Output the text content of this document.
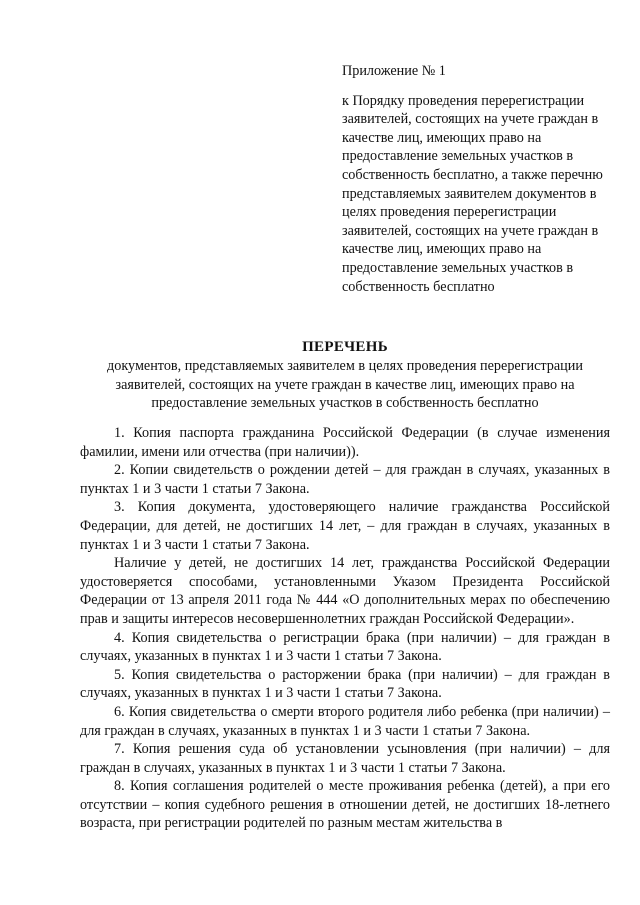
Приложение № 1

к Порядку проведения перерегистрации заявителей, состоящих на учете граждан в качестве лиц, имеющих право на предоставление земельных участков в собственность бесплатно, а также перечню представляемых заявителем документов в целях проведения перерегистрации заявителей, состоящих на учете граждан в качестве лиц, имеющих право на предоставление земельных участков в собственность бесплатно

ПЕРЕЧЕНЬ

документов, представляемых заявителем в целях проведения перерегистрации заявителей, состоящих на учете граждан в качестве лиц, имеющих право на предоставление земельных участков в собственность бесплатно

1. Копия паспорта гражданина Российской Федерации (в случае изменения фамилии, имени или отчества (при наличии)).

2. Копии свидетельств о рождении детей – для граждан в случаях, указанных в пунктах 1 и 3 части 1 статьи 7 Закона.

3. Копия документа, удостоверяющего наличие гражданства Российской Федерации, для детей, не достигших 14 лет, – для граждан в случаях, указанных в пунктах 1 и 3 части 1 статьи 7 Закона.

Наличие у детей, не достигших 14 лет, гражданства Российской Федерации удостоверяется способами, установленными Указом Президента Российской Федерации от 13 апреля 2011 года № 444 «О дополнительных мерах по обеспечению прав и защиты интересов несовершеннолетних граждан Российской Федерации».

4. Копия свидетельства о регистрации брака (при наличии) – для граждан в случаях, указанных в пунктах 1 и 3 части 1 статьи 7 Закона.

5. Копия свидетельства о расторжении брака (при наличии) – для граждан в случаях, указанных в пунктах 1 и 3 части 1 статьи 7 Закона.

6. Копия свидетельства о смерти второго родителя либо ребенка (при наличии) – для граждан в случаях, указанных в пунктах 1 и 3 части 1 статьи 7 Закона.

7. Копия решения суда об установлении усыновления (при наличии) – для граждан в случаях, указанных в пунктах 1 и 3 части 1 статьи 7 Закона.

8. Копия соглашения родителей о месте проживания ребенка (детей), а при его отсутствии – копия судебного решения в отношении детей, не достигших 18-летнего возраста, при регистрации родителей по разным местам жительства в
